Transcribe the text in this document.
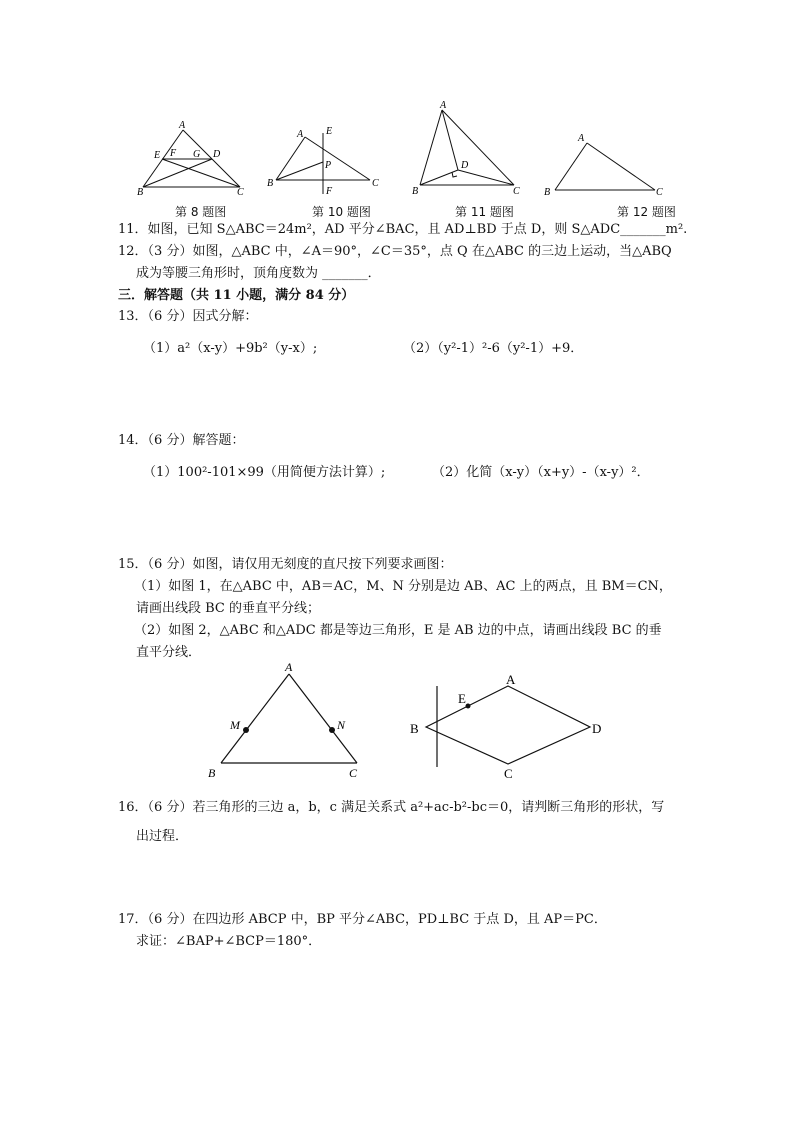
A
E F G D
B	C
A E
P
B
F
C
A
D
B	C
A
B	C
第 8 题图	第 10 题图	第 11 题图	第 12 题图
11．如图，已知 S△ABC＝24m²，AD 平分∠BAC，且 AD⊥BD 于点 D，则 S△ADC_______m².
12．（3 分）如图，△ABC 中，∠A＝90°，∠C＝35°，点 Q 在△ABC 的三边上运动，当△ABQ
成为等腰三角形时，顶角度数为 _______．
三．解答题（共 11 小题，满分 84 分）
13．（6 分）因式分解：
（1）a²（x-y）+9b²（y-x）;	（2）（y²-1）²-6（y²-1）+9．
14．（6 分）解答题：
（1）100²-101×99（用简便方法计算）;	（2）化简（x-y）（x+y）-（x-y）²．
15．（6 分）如图，请仅用无刻度的直尺按下列要求画图：
（1）如图 1，在△ABC 中，AB＝AC，M、N 分别是边 AB、AC 上的两点，且 BM＝CN，
请画出线段 BC 的垂直平分线；
（2）如图 2，△ABC 和△ADC 都是等边三角形，E 是 AB 边的中点，请画出线段 BC 的垂
直平分线．
A
M	N
B	C
A
E
B	D
C
16．（6 分）若三角形的三边 a，b，c 满足关系式 a²+ac-b²-bc＝0，请判断三角形的形状，写
出过程．
17．（6 分）在四边形 ABCP 中，BP 平分∠ABC，PD⊥BC 于点 D，且 AP＝PC．
求证：∠BAP+∠BCP＝180°．
